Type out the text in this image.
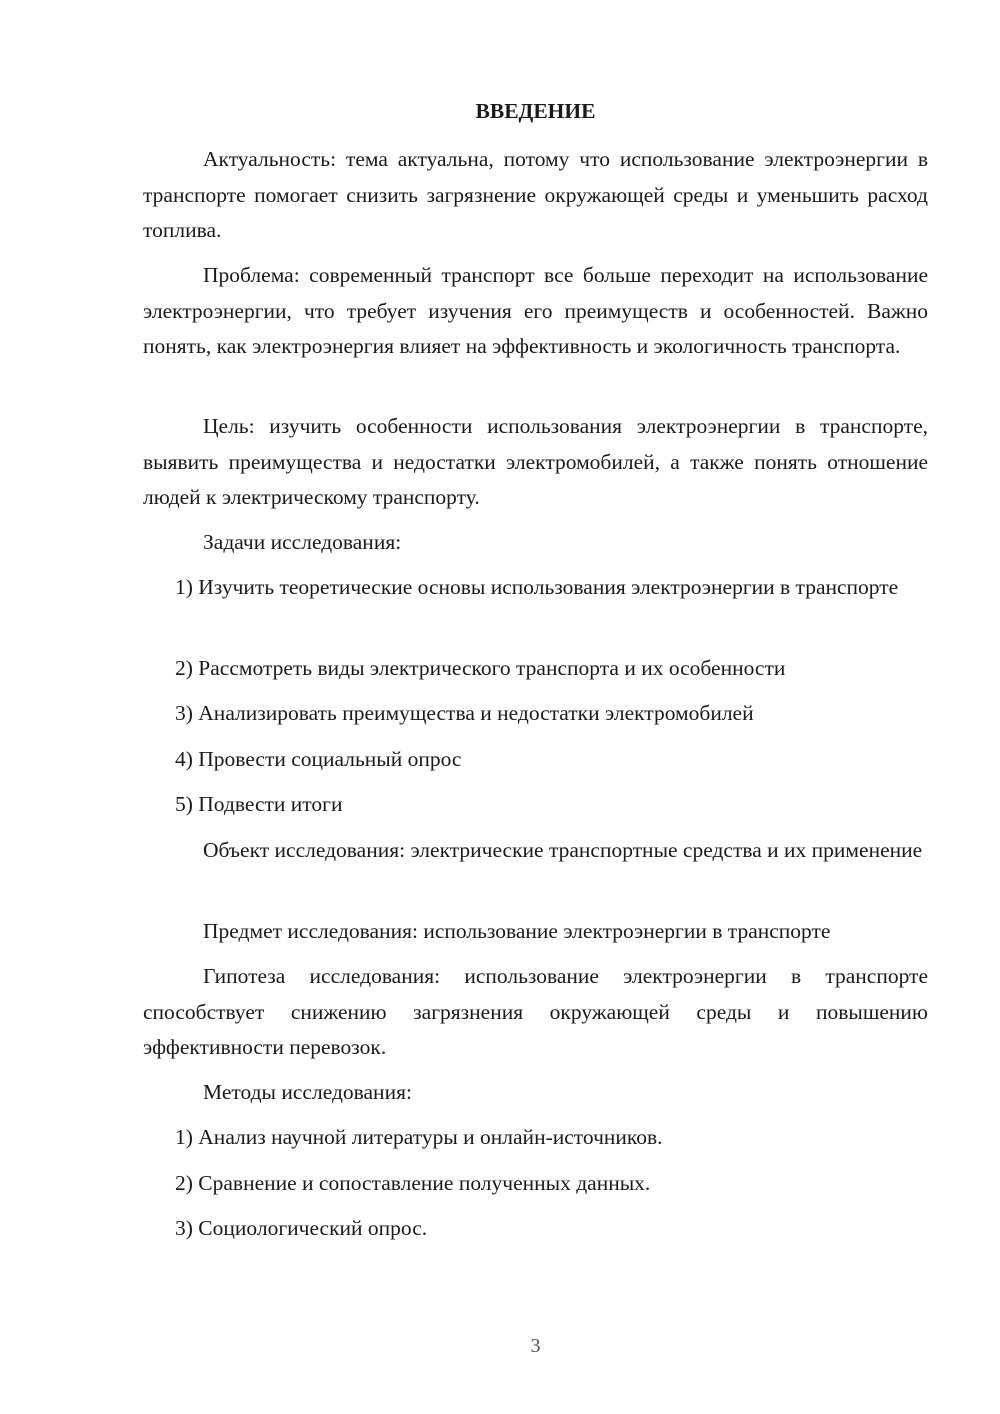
ВВЕДЕНИЕ

Актуальность: тема актуальна, потому что использование электроэнергии в транспорте помогает снизить загрязнение окружающей среды и уменьшить расход топлива.

Проблема: современный транспорт все больше переходит на использование электроэнергии, что требует изучения его преимуществ и особенностей. Важно понять, как электроэнергия влияет на эффективность и экологичность транспорта.

Цель: изучить особенности использования электроэнергии в транспорте, выявить преимущества и недостатки электромобилей, а также понять отношение людей к электрическому транспорту.

Задачи исследования:

1) Изучить теоретические основы использования электроэнергии в транспорте

2) Рассмотреть виды электрического транспорта и их особенности

3) Анализировать преимущества и недостатки электромобилей

4) Провести социальный опрос

5) Подвести итоги

Объект исследования: электрические транспортные средства и их применение

Предмет исследования: использование электроэнергии в транспорте

Гипотеза исследования: использование электроэнергии в транспорте способствует снижению загрязнения окружающей среды и повышению эффективности перевозок.

Методы исследования:

1) Анализ научной литературы и онлайн-источников.

2) Сравнение и сопоставление полученных данных.

3) Социологический опрос.

3
